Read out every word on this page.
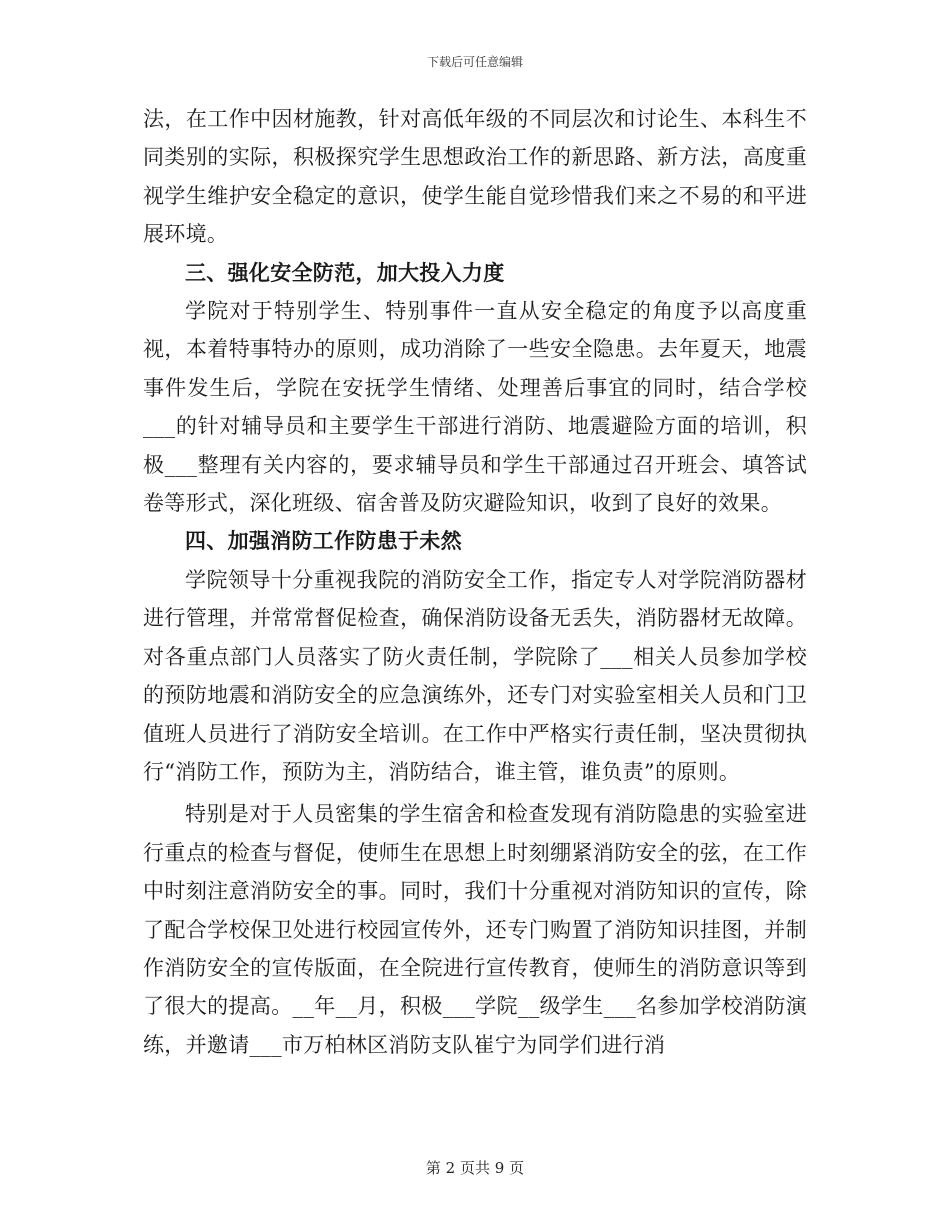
下载后可任意编辑

法，在工作中因材施教，针对高低年级的不同层次和讨论生、本科生不同类别的实际，积极探究学生思想政治工作的新思路、新方法，高度重视学生维护安全稳定的意识，使学生能自觉珍惜我们来之不易的和平进展环境。

三、强化安全防范，加大投入力度

学院对于特别学生、特别事件一直从安全稳定的角度予以高度重视，本着特事特办的原则，成功消除了一些安全隐患。去年夏天，地震事件发生后，学院在安抚学生情绪、处理善后事宜的同时，结合学校___的针对辅导员和主要学生干部进行消防、地震避险方面的培训，积极___整理有关内容的，要求辅导员和学生干部通过召开班会、填答试卷等形式，深化班级、宿舍普及防灾避险知识，收到了良好的效果。

四、加强消防工作防患于未然

学院领导十分重视我院的消防安全工作，指定专人对学院消防器材进行管理，并常常督促检查，确保消防设备无丢失，消防器材无故障。对各重点部门人员落实了防火责任制，学院除了___相关人员参加学校的预防地震和消防安全的应急演练外，还专门对实验室相关人员和门卫值班人员进行了消防安全培训。在工作中严格实行责任制，坚决贯彻执行“消防工作，预防为主，消防结合，谁主管，谁负责”的原则。

特别是对于人员密集的学生宿舍和检查发现有消防隐患的实验室进行重点的检查与督促，使师生在思想上时刻绷紧消防安全的弦，在工作中时刻注意消防安全的事。同时，我们十分重视对消防知识的宣传，除了配合学校保卫处进行校园宣传外，还专门购置了消防知识挂图，并制作消防安全的宣传版面，在全院进行宣传教育，使师生的消防意识等到了很大的提高。__年__月，积极___学院__级学生___名参加学校消防演练，并邀请___市万柏林区消防支队崔宁为同学们进行消

第 2 页共 9 页
